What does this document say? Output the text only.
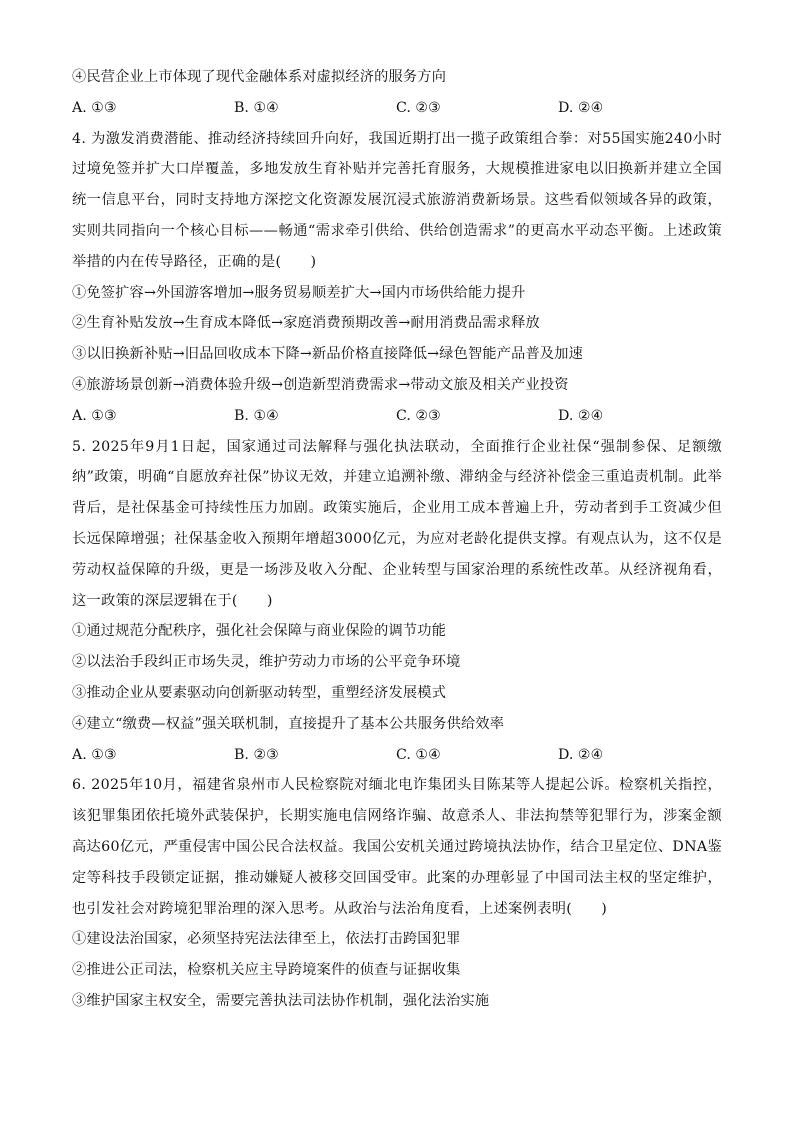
④民营企业上市体现了现代金融体系对虚拟经济的服务方向
A. ①③	B. ①④	C. ②③	D. ②④
4. 为激发消费潜能、推动经济持续回升向好，我国近期打出一揽子政策组合拳：对55国实施240小时过境免签并扩大口岸覆盖，多地发放生育补贴并完善托育服务，大规模推进家电以旧换新并建立全国统一信息平台，同时支持地方深挖文化资源发展沉浸式旅游消费新场景。这些看似领域各异的政策，实则共同指向一个核心目标——畅通“需求牵引供给、供给创造需求”的更高水平动态平衡。上述政策举措的内在传导路径，正确的是(　　)
①免签扩容→外国游客增加→服务贸易顺差扩大→国内市场供给能力提升
②生育补贴发放→生育成本降低→家庭消费预期改善→耐用消费品需求释放
③以旧换新补贴→旧品回收成本下降→新品价格直接降低→绿色智能产品普及加速
④旅游场景创新→消费体验升级→创造新型消费需求→带动文旅及相关产业投资
A. ①③	B. ①④	C. ②③	D. ②④
5. 2025年9月1日起，国家通过司法解释与强化执法联动，全面推行企业社保“强制参保、足额缴纳”政策，明确“自愿放弃社保”协议无效，并建立追溯补缴、滞纳金与经济补偿金三重追责机制。此举背后，是社保基金可持续性压力加剧。政策实施后，企业用工成本普遍上升，劳动者到手工资减少但长远保障增强；社保基金收入预期年增超3000亿元，为应对老龄化提供支撑。有观点认为，这不仅是劳动权益保障的升级，更是一场涉及收入分配、企业转型与国家治理的系统性改革。从经济视角看，这一政策的深层逻辑在于(　　)
①通过规范分配秩序，强化社会保障与商业保险的调节功能
②以法治手段纠正市场失灵，维护劳动力市场的公平竞争环境
③推动企业从要素驱动向创新驱动转型，重塑经济发展模式
④建立“缴费—权益”强关联机制，直接提升了基本公共服务供给效率
A. ①③	B. ②③	C. ①④	D. ②④
6. 2025年10月，福建省泉州市人民检察院对缅北电诈集团头目陈某等人提起公诉。检察机关指控，该犯罪集团依托境外武装保护，长期实施电信网络诈骗、故意杀人、非法拘禁等犯罪行为，涉案金额高达60亿元，严重侵害中国公民合法权益。我国公安机关通过跨境执法协作，结合卫星定位、DNA鉴定等科技手段锁定证据，推动嫌疑人被移交回国受审。此案的办理彰显了中国司法主权的坚定维护，也引发社会对跨境犯罪治理的深入思考。从政治与法治角度看，上述案例表明(　　)
①建设法治国家，必须坚持宪法法律至上，依法打击跨国犯罪
②推进公正司法，检察机关应主导跨境案件的侦查与证据收集
③维护国家主权安全，需要完善执法司法协作机制，强化法治实施
